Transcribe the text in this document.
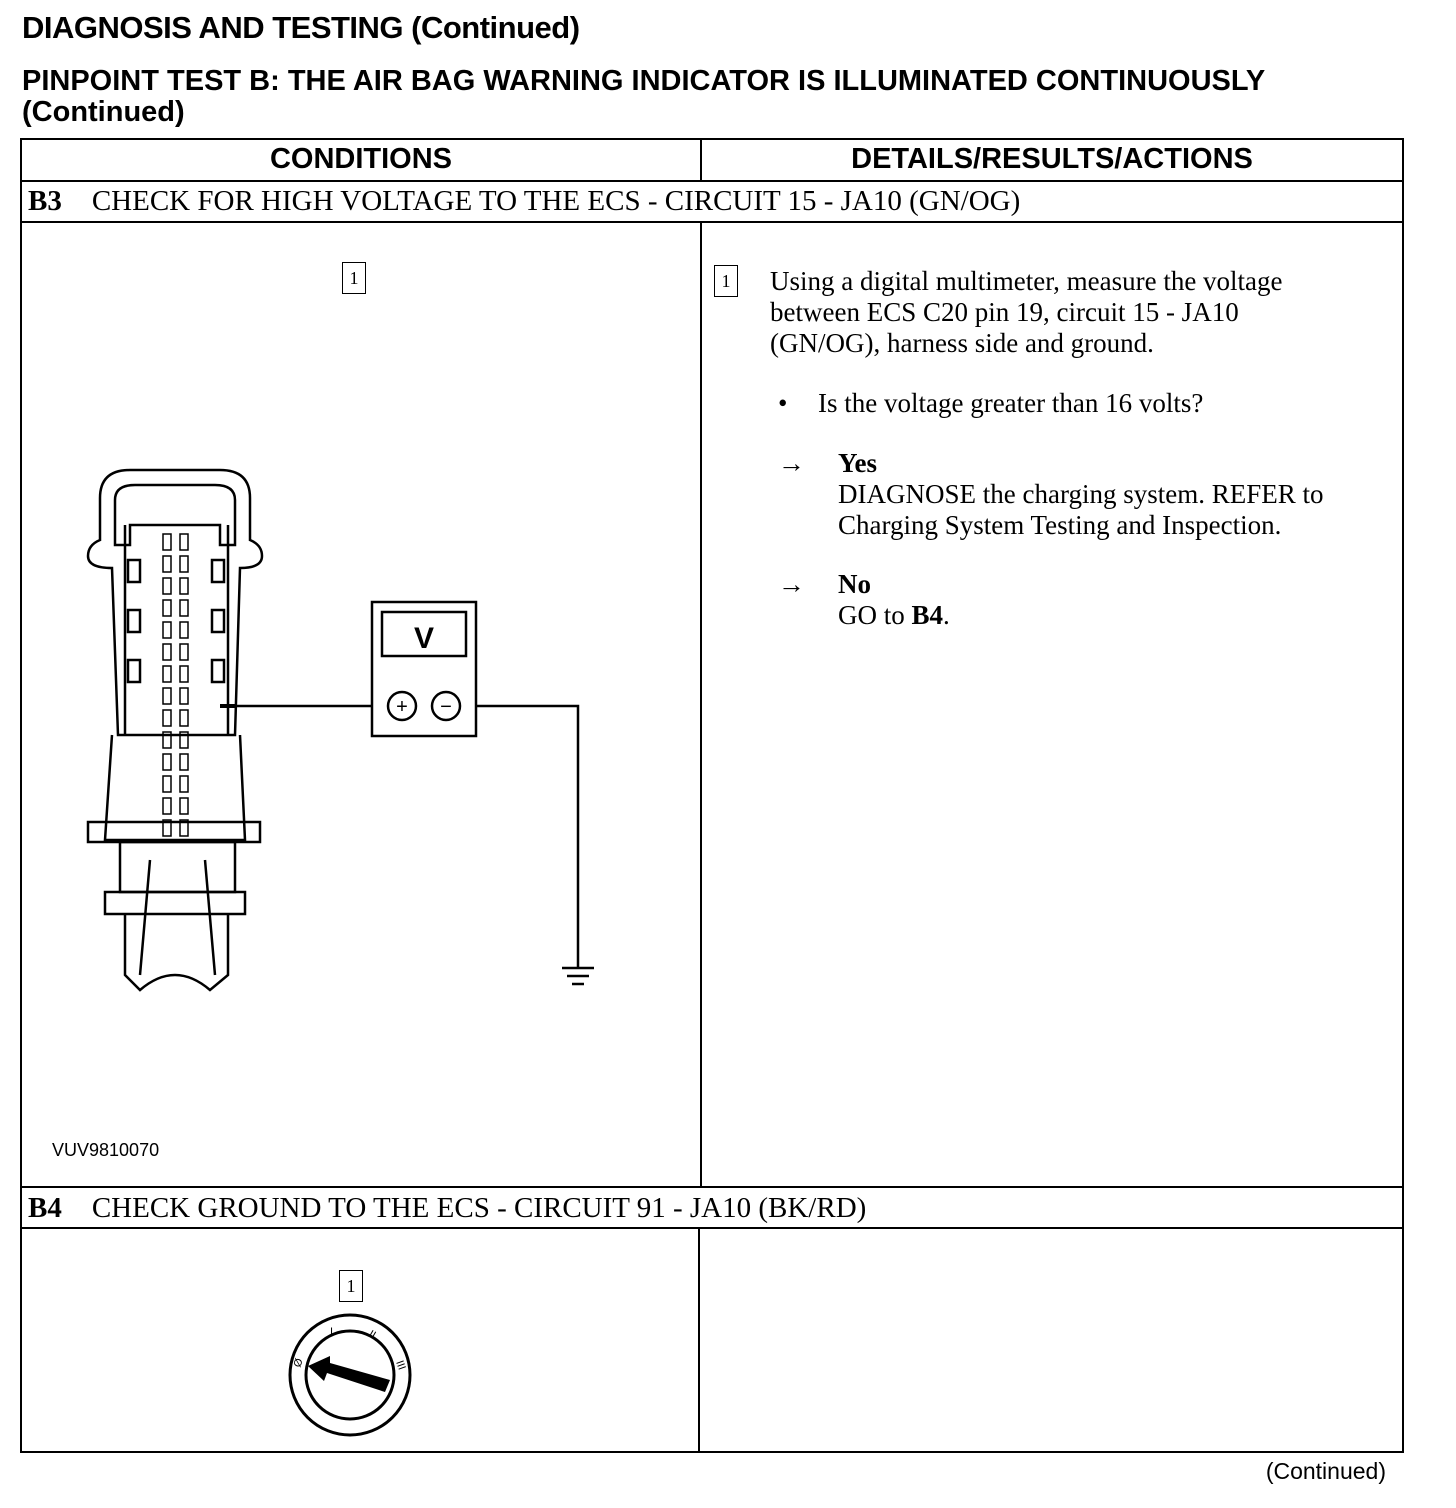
DIAGNOSIS AND TESTING (Continued)
PINPOINT TEST B: THE AIR BAG WARNING INDICATOR IS ILLUMINATED CONTINUOUSLY
(Continued)
CONDITIONS	DETAILS/RESULTS/ACTIONS
B3 CHECK FOR HIGH VOLTAGE TO THE ECS - CIRCUIT 15 - JA10 (GN/OG)
1
V
+ −
VUV9810070
1 Using a digital multimeter, measure the voltage
between ECS C20 pin 19, circuit 15 - JA10
(GN/OG), harness side and ground.
• Is the voltage greater than 16 volts?
→ Yes
DIAGNOSE the charging system. REFER to
Charging System Testing and Inspection.
→ No
GO to B4.
B4 CHECK GROUND TO THE ECS - CIRCUIT 91 - JA10 (BK/RD)
1
Ø
I	II
III
(Continued)
